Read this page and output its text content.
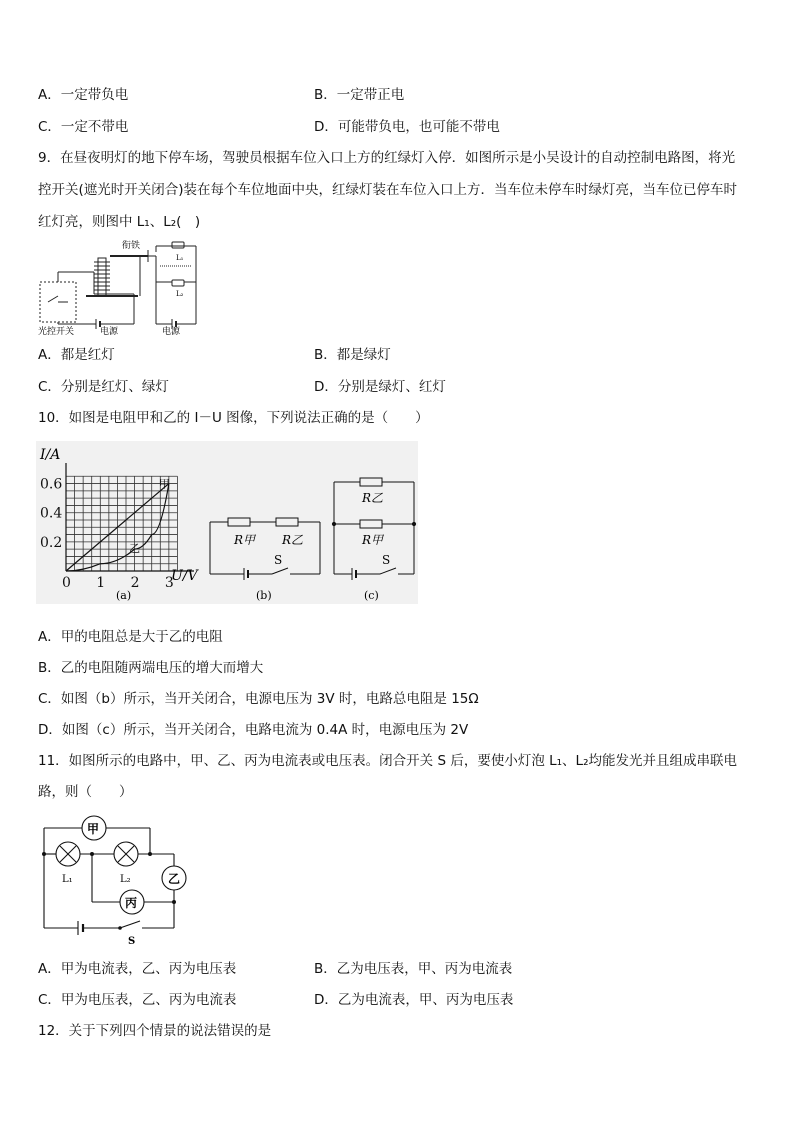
A．一定带负电	B．一定带正电
C．一定不带电	D．可能带负电，也可能不带电
9．在昼夜明灯的地下停车场，驾驶员根据车位入口上方的红绿灯入停．如图所示是小吴设计的自动控制电路图，将光
控开关(遮光时开关闭合)装在每个车位地面中央，红绿灯装在车位入口上方．当车位未停车时绿灯亮，当车位已停车时
红灯亮，则图中 L₁、L₂(　)
衔铁
L₁
L₂
光控开关	电源	电源
A．都是红灯	B．都是绿灯
C．分别是红灯、绿灯	D．分别是绿灯、红灯
10．如图是电阻甲和乙的 I－U 图像，下列说法正确的是（　　）
0 1 2 3
0.2
0.4
0.6	甲
乙
I/A
U/V
(a)
R甲 R乙
S
(b)
R乙
R甲
S
(c)
A．甲的电阻总是大于乙的电阻
B．乙的电阻随两端电压的增大而增大
C．如图（b）所示，当开关闭合，电源电压为 3V 时，电路总电阻是 15Ω
D．如图（c）所示，当开关闭合，电路电流为 0.4A 时，电源电压为 2V
11．如图所示的电路中，甲、乙、丙为电流表或电压表。闭合开关 S 后，要使小灯泡 L₁、L₂均能发光并且组成串联电
路，则（　　）
甲
乙
丙
L₁	L₂
S
A．甲为电流表，乙、丙为电压表	B．乙为电压表，甲、丙为电流表
C．甲为电压表，乙、丙为电流表	D．乙为电流表，甲、丙为电压表
12．关于下列四个情景的说法错误的是
